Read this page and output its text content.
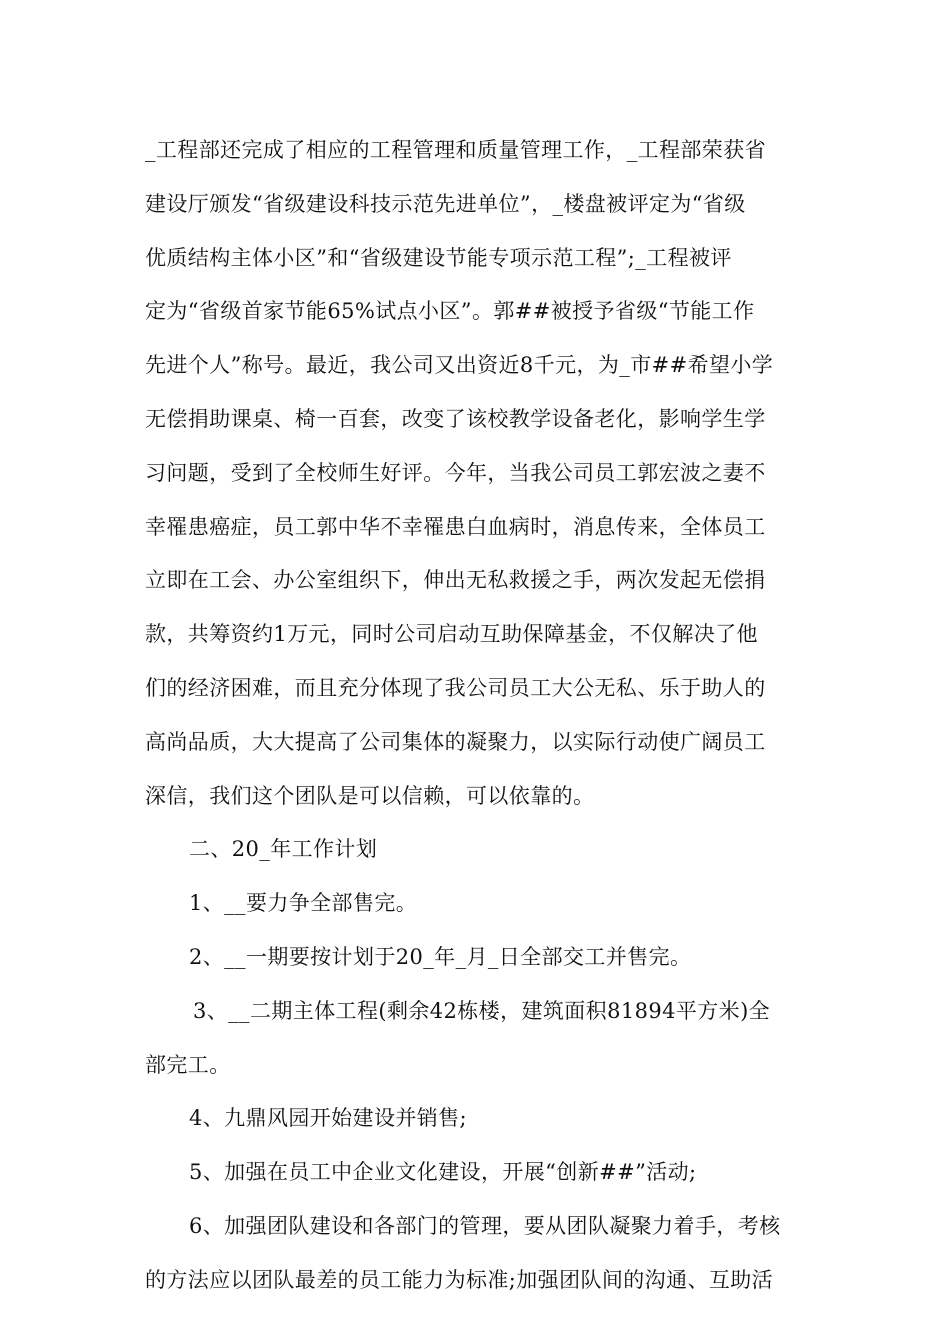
_工程部还完成了相应的工程管理和质量管理工作，_工程部荣获省
建设厅颁发“省级建设科技示范先进单位”，_楼盘被评定为“省级
优质结构主体小区”和“省级建设节能专项示范工程”;_工程被评
定为“省级首家节能65%试点小区”。郭##被授予省级“节能工作
先进个人”称号。最近，我公司又出资近8千元，为_市##希望小学
无偿捐助课桌、椅一百套，改变了该校教学设备老化，影响学生学
习问题，受到了全校师生好评。今年，当我公司员工郭宏波之妻不
幸罹患癌症，员工郭中华不幸罹患白血病时，消息传来，全体员工
立即在工会、办公室组织下，伸出无私救援之手，两次发起无偿捐
款，共筹资约1万元，同时公司启动互助保障基金，不仅解决了他
们的经济困难，而且充分体现了我公司员工大公无私、乐于助人的
高尚品质，大大提高了公司集体的凝聚力，以实际行动使广阔员工
深信，我们这个团队是可以信赖，可以依靠的。
二、20_年工作计划
1、__要力争全部售完。
2、__一期要按计划于20_年_月_日全部交工并售完。
3、__二期主体工程(剩余42栋楼，建筑面积81894平方米)全
部完工。
4、九鼎风园开始建设并销售;
5、加强在员工中企业文化建设，开展“创新##”活动;
6、加强团队建设和各部门的管理，要从团队凝聚力着手，考核
的方法应以团队最差的员工能力为标准;加强团队间的沟通、互助活
